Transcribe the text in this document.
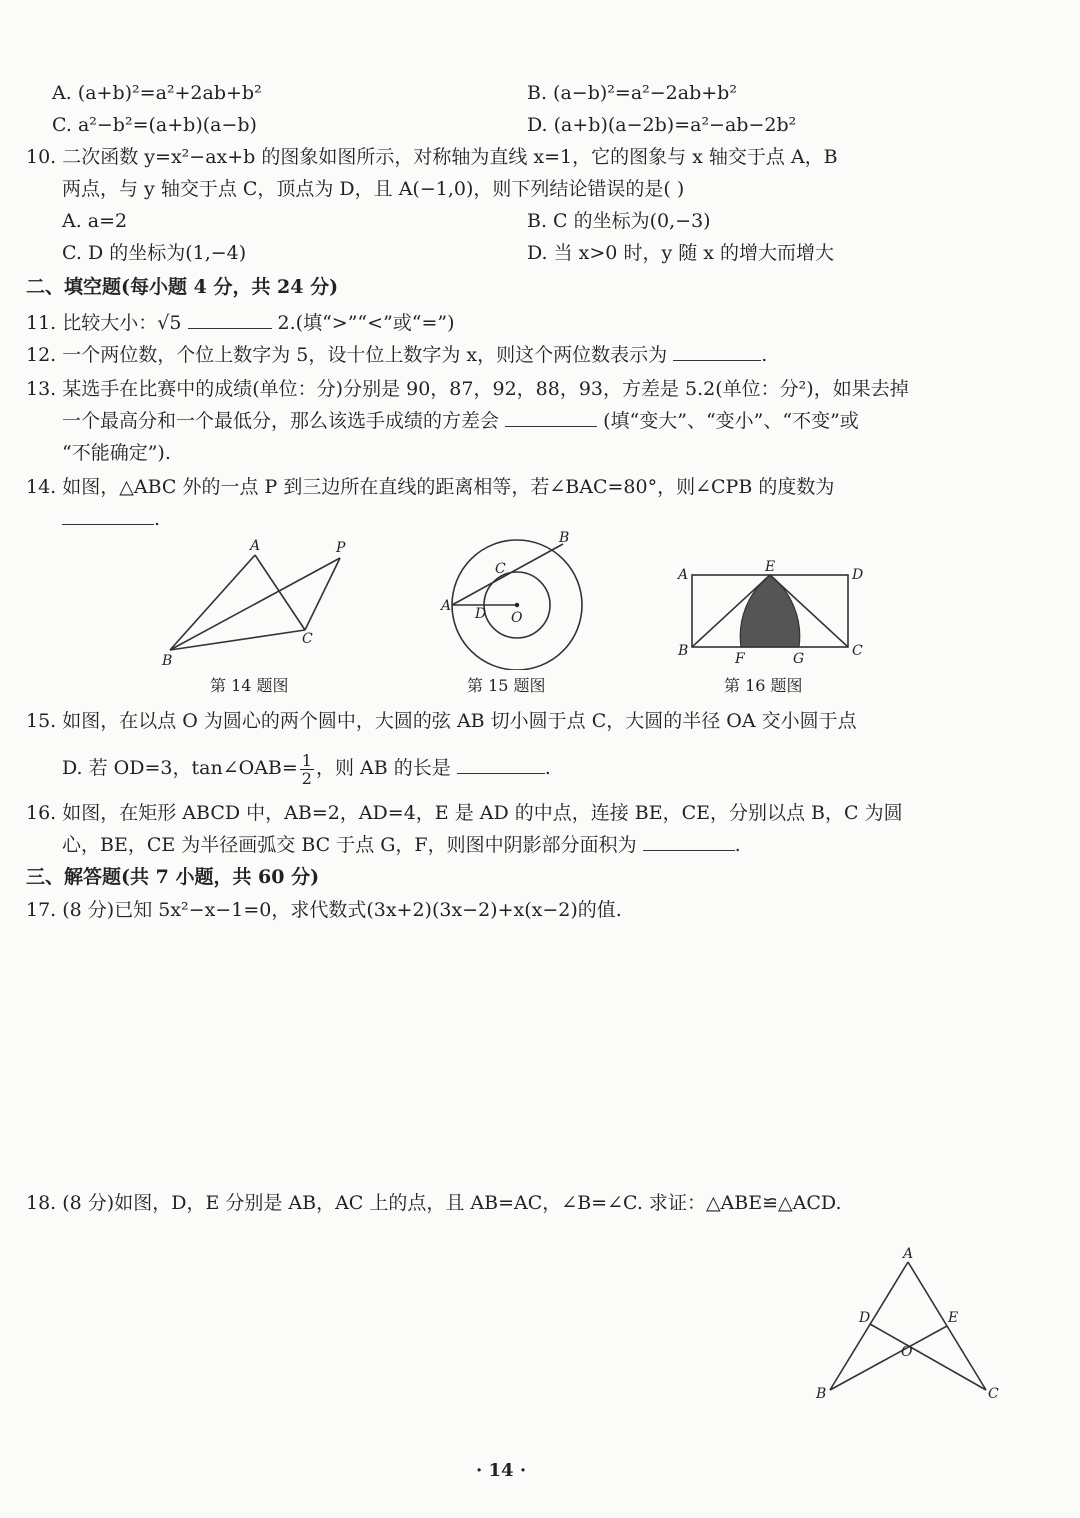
A. (a+b)²=a²+2ab+b²	B. (a−b)²=a²−2ab+b²
C. a²−b²=(a+b)(a−b)	D. (a+b)(a−2b)=a²−ab−2b²
10. 二次函数 y=x²−ax+b 的图象如图所示，对称轴为直线 x=1，它的图象与 x 轴交于点 A，B
两点，与 y 轴交于点 C，顶点为 D，且 A(−1,0)，则下列结论错误的是( )
A. a=2	B. C 的坐标为(0,−3)
C. D 的坐标为(1,−4)	D. 当 x>0 时，y 随 x 的增大而增大
二、填空题(每小题 4 分，共 24 分)
11. 比较大小：√5	2.(填“>”“<”或“=”)
12. 一个两位数，个位上数字为 5，设十位上数字为 x，则这个两位数表示为	.
13. 某选手在比赛中的成绩(单位：分)分别是 90，87，92，88，93，方差是 5.2(单位：分²)，如果去掉
一个最高分和一个最低分，那么该选手成绩的方差会	(填“变大”、“变小”、“不变”或
“不能确定”).
14. 如图，△ABC 外的一点 P 到三边所在直线的距离相等，若∠BAC=80°，则∠CPB 的度数为
.
A	P
B
C
第 14 题图
B
C
A D O
第 15 题图
A	E	D
B	F	G	C
第 16 题图
15. 如图，在以点 O 为圆心的两个圆中，大圆的弦 AB 切小圆于点 C，大圆的半径 OA 交小圆于点
D. 若 OD=3，tan∠OAB= $\frac{1}{2}$ ，则 AB 的长是	.
16. 如图，在矩形 ABCD 中，AB=2，AD=4，E 是 AD 的中点，连接 BE，CE，分别以点 B，C 为圆
心，BE，CE 为半径画弧交 BC 于点 G，F，则图中阴影部分面积为	.
三、解答题(共 7 小题，共 60 分)
17. (8 分)已知 5x²−x−1=0，求代数式(3x+2)(3x−2)+x(x−2)的值.
18. (8 分)如图，D，E 分别是 AB，AC 上的点，且 AB=AC，∠B=∠C. 求证：△ABE≌△ACD.
A
D	E
O
B	C
· 14 ·
